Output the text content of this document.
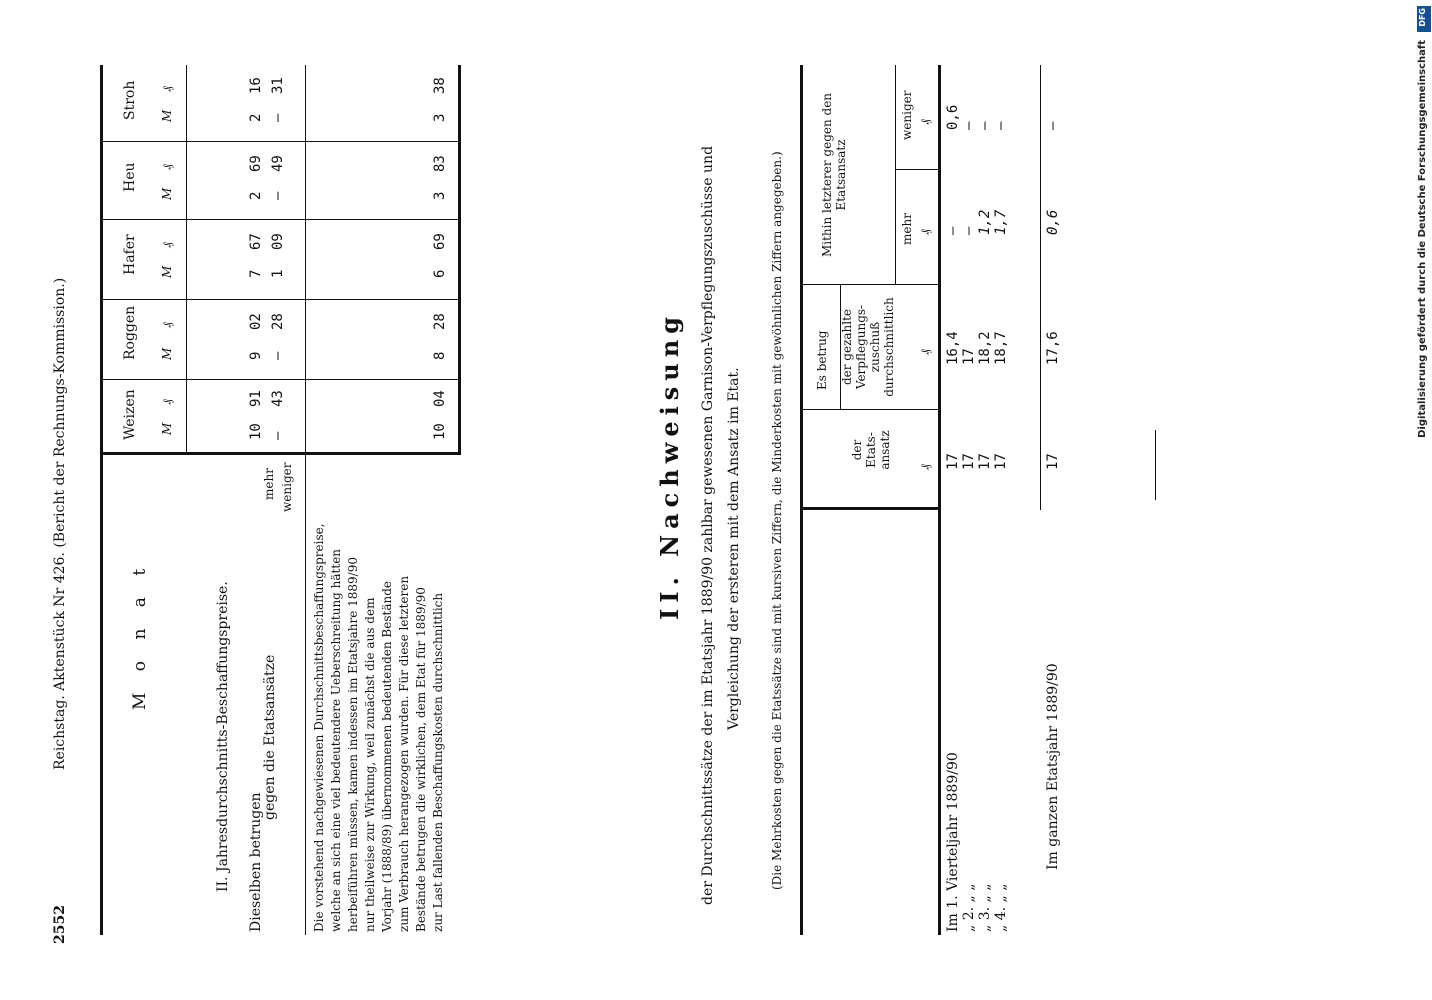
2552
Reichstag. Aktenstück Nr 426. (Bericht der Rechnungs-Kommission.)	M o n a t
Weizen
Roggen
Hafer
Heu
Stroh
M
₰
M
₰
M
₰
M
₰
M
₰
II. Jahresdurchschnitts-Beschaffungspreise. Dieselben betrugen
gegen die Etatsansätze
mehr weniger
10
91
9
02
7
67
2
69
2
16
—
43
—
28
1
09
—
49
—
31
Die vorstehend nachgewiesenen Durchschnittsbeschaffungspreise, welche an sich eine viel bedeutendere Ueberschreitung hätten herbeiführen müssen, kamen indessen im Etatsjahre 1889/90 nur theilweise zur Wirkung, weil zunächst die aus dem Vorjahr (1888/89) übernommenen bedeutenden Bestände zum Verbrauch herangezogen wurden. Für diese letzteren Bestände betrugen die wirklichen, dem Etat für 1889/90 zur Last fallenden Beschaffungskosten durchschnittlich
10
04
8
28
6
69
3
83
3
38
II. Nachweisung der Durchschnittssätze der im Etatsjahr 1889/90 zahlbar gewesenen Garnison-Verpflegungszuschüsse und Vergleichung der ersteren mit dem Ansatz im Etat. (Die Mehrkosten gegen die Etatssätze sind mit kursiven Ziffern, die Minderkosten mit gewöhnlichen Ziffern angegeben.)	Es betrug
der Etats-ansatz
der gezahlte Verpflegungs-zuschuß durchschnittlich
Mithin letzterer gegen den Etatsansatz
mehr
weniger
₰
₰
₰
₰
Im 1. Vierteljahr 1889/90
17
16,4
—
0,6
„ 2. „ „
17
17
—
—
„ 3. „ „
17
18,2
1,2
—
„ 4. „ „
17
18,7
1,7
—
Im ganzen Etatsjahr 1889/90
17
17,6
0,6
—
DFG
Digitalisierung gefördert durch die Deutsche Forschungsgemeinschaft
